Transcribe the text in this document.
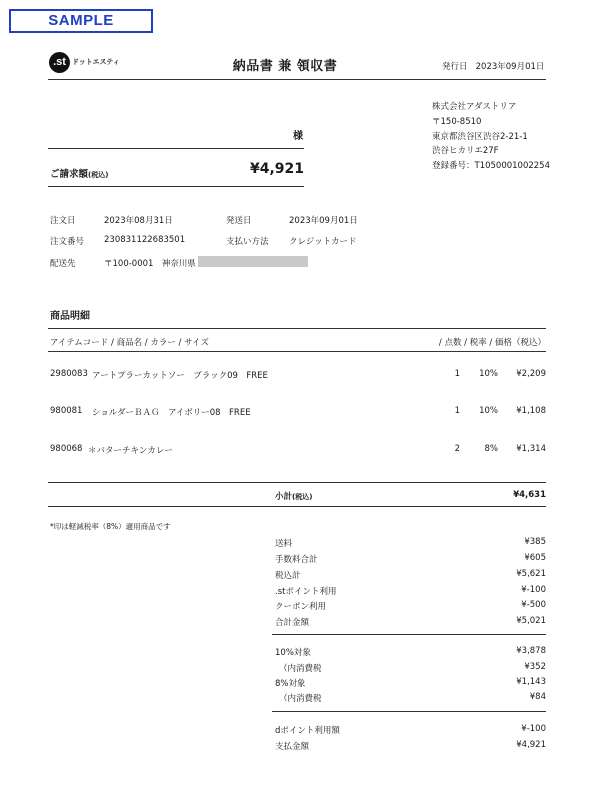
SAMPLE
.st ドットエスティ	納品書 兼 領収書	発行日 2023年09月01日
株式会社アダストリア
〒150-8510
東京都渋谷区渋谷2-21-1
渋谷ヒカリエ27F
登録番号：T1050001002254
様
ご請求額(税込)	¥4,921
注文日	2023年08月31日	発送日	2023年09月01日
注文番号 230831122683501	支払い方法 クレジットカード
配送先	〒100-0001　神奈川県
商品明細
アイテムコード / 商品名 / カラー / サイズ	/ 点数 / 税率 / 価格（税込）
2980083 アートプラーカットソー　ブラック09　FREE	1	10%	¥2,209
980081 ショルダーＢＡＧ　アイボリー08　FREE	1	10%	¥1,108
980068 ＊バターチキンカレー	2	8%	¥1,314
小計(税込)	¥4,631
*印は軽減税率（8%）適用商品です
送料	¥385
手数料合計	¥605
税込計	¥5,621
.stポイント利用	¥-100
クーポン利用	¥-500
合計金額	¥5,021
10%対象	¥3,878
（内消費税	¥352
8%対象	¥1,143
（内消費税	¥84
dポイント利用額	¥-100
支払金額	¥4,921
